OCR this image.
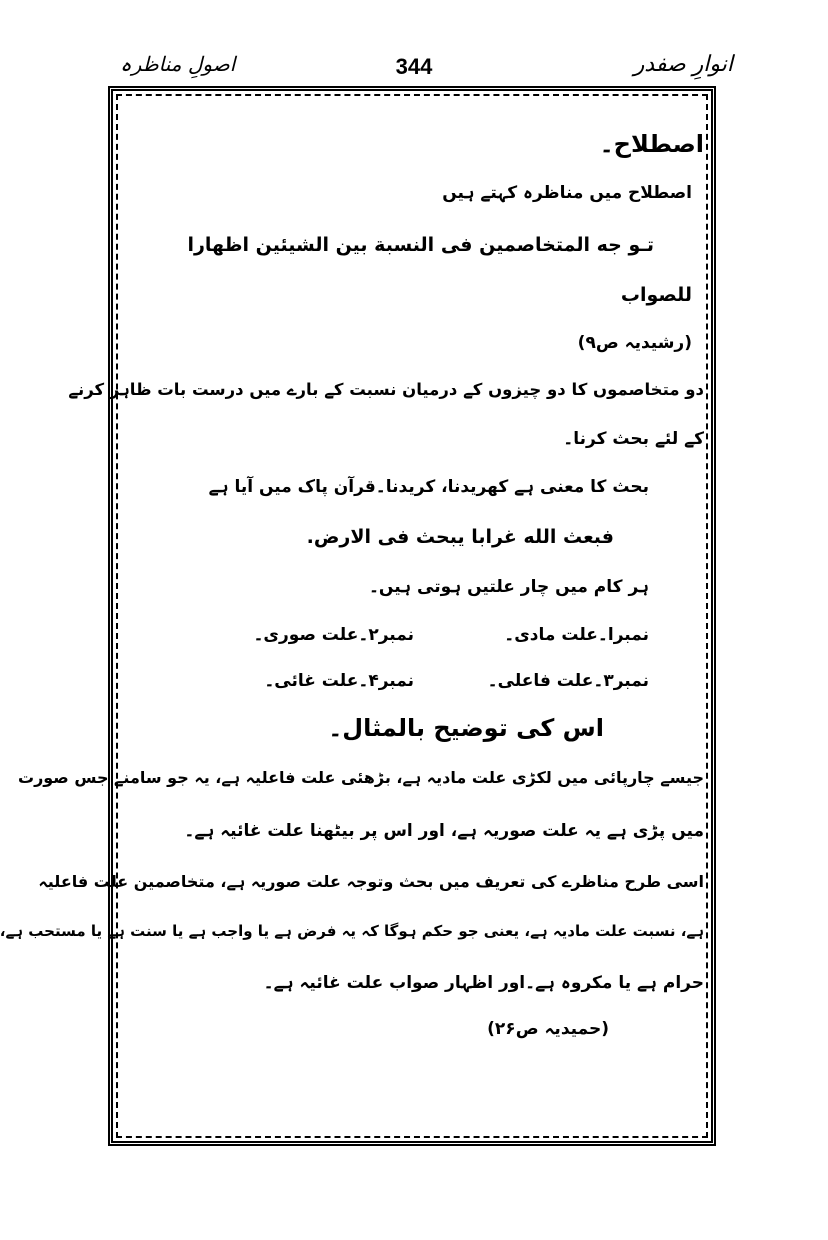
انوارِ صفدر
344
اصولِ مناظرہ
اصطلاح۔
اصطلاح میں مناظرہ کہتے ہیں
تـو جه المتخاصمين فى النسبة بين الشيئين اظهارا
للصواب
(رشیدیہ ص۹)
دو متخاصموں کا دو چیزوں کے درمیان نسبت کے بارے میں درست بات ظاہر کرنے
کے لئے بحث کرنا۔
بحث کا معنی ہے کھریدنا، کریدنا۔قرآن پاک میں آیا ہے
فبعث الله غرابا يبحث فى الارض.
ہر کام میں چار علتیں ہوتی ہیں۔
نمبرا۔علت مادی۔
نمبر۲۔علت صوری۔
نمبر۳۔علت فاعلی۔
نمبر۴۔علت غائی۔
اس کی توضیح بالمثال۔
جیسے چارپائی میں لکڑی علت مادیہ ہے، بڑھئی علت فاعلیہ ہے، یہ جو سامنے جس صورت
میں پڑی ہے یہ علت صوریہ ہے، اور اس پر بیٹھنا علت غائیہ ہے۔
اسی طرح مناظرے کی تعریف میں بحث وتوجہ علت صوریہ ہے، متخاصمین علت فاعلیہ
ہے، نسبت علت مادیہ ہے، یعنی جو حکم ہوگا کہ یہ فرض ہے یا واجب ہے یا سنت ہے یا مستحب ہے،
حرام ہے یا مکروہ ہے۔اور اظہار صواب علت غائیہ ہے۔
(حمیدیہ ص۲۶)
